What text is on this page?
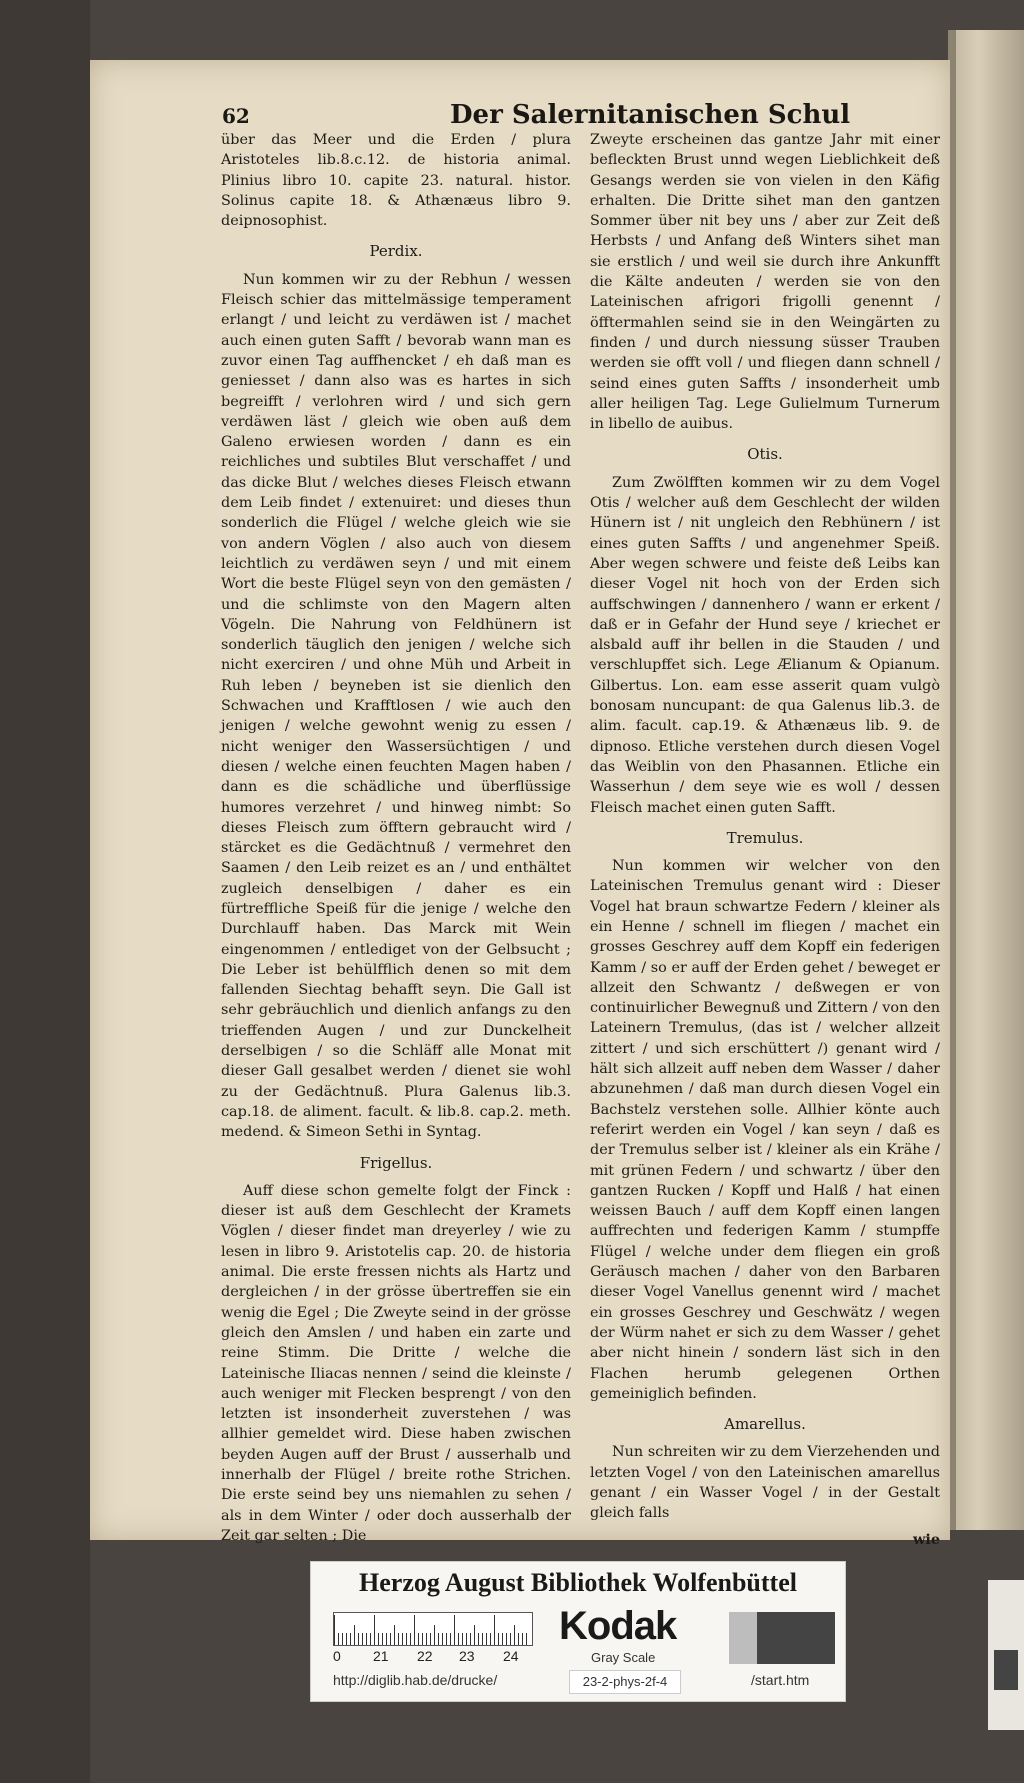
62	Der Salernitanischen Schul

über das Meer und die Erden / plura Aristoteles lib.8.c.12. de historia animal. Plinius libro 10. capite 23. natural. histor. Solinus capite 18. & Athænæus libro 9. deipnosophist.

Perdix.

Nun kommen wir zu der Rebhun / wessen Fleisch schier das mittelmässige temperament erlangt / und leicht zu verdäwen ist / machet auch einen guten Safft / bevorab wann man es zuvor einen Tag auffhencket / eh daß man es geniesset / dann also was es hartes in sich begreifft / verlohren wird / und sich gern verdäwen läst / gleich wie oben auß dem Galeno erwiesen worden / dann es ein reichliches und subtiles Blut verschaffet / und das dicke Blut / welches dieses Fleisch etwann dem Leib findet / extenuiret: und dieses thun sonderlich die Flügel / welche gleich wie sie von andern Vöglen / also auch von diesem leichtlich zu verdäwen seyn / und mit einem Wort die beste Flügel seyn von den gemästen / und die schlimste von den Magern alten Vögeln. Die Nahrung von Feldhünern ist sonderlich täuglich den jenigen / welche sich nicht exerciren / und ohne Müh und Arbeit in Ruh leben / beyneben ist sie dienlich den Schwachen und Krafftlosen / wie auch den jenigen / welche gewohnt wenig zu essen / nicht weniger den Wassersüchtigen / und diesen / welche einen feuchten Magen haben / dann es die schädliche und überflüssige humores verzehret / und hinweg nimbt: So dieses Fleisch zum öfftern gebraucht wird / stärcket es die Gedächtnuß / vermehret den Saamen / den Leib reizet es an / und enthältet zugleich denselbigen / daher es ein fürtreffliche Speiß für die jenige / welche den Durchlauff haben. Das Marck mit Wein eingenommen / entlediget von der Gelbsucht ; Die Leber ist behülfflich denen so mit dem fallenden Siechtag behafft seyn. Die Gall ist sehr gebräuchlich und dienlich anfangs zu den trieffenden Augen / und zur Dunckelheit derselbigen / so die Schläff alle Monat mit dieser Gall gesalbet werden / dienet sie wohl zu der Gedächtnuß. Plura Galenus lib.3. cap.18. de aliment. facult. & lib.8. cap.2. meth. medend. & Simeon Sethi in Syntag.

Frigellus.

Auff diese schon gemelte folgt der Finck : dieser ist auß dem Geschlecht der Kramets Vöglen / dieser findet man dreyerley / wie zu lesen in libro 9. Aristotelis cap. 20. de historia animal. Die erste fressen nichts als Hartz und dergleichen / in der grösse übertreffen sie ein wenig die Egel ; Die Zweyte seind in der grösse gleich den Amslen / und haben ein zarte und reine Stimm. Die Dritte / welche die Lateinische Iliacas nennen / seind die kleinste / auch weniger mit Flecken besprengt / von den letzten ist insonderheit zuverstehen / was allhier gemeldet wird. Diese haben zwischen beyden Augen auff der Brust / ausserhalb und innerhalb der Flügel / breite rothe Strichen. Die erste seind bey uns niemahlen zu sehen / als in dem Winter / oder doch ausserhalb der Zeit gar selten ; Die

Zweyte erscheinen das gantze Jahr mit einer befleckten Brust unnd wegen Lieblichkeit deß Gesangs werden sie von vielen in den Käfig erhalten. Die Dritte sihet man den gantzen Sommer über nit bey uns / aber zur Zeit deß Herbsts / und Anfang deß Winters sihet man sie erstlich / und weil sie durch ihre Ankunfft die Kälte andeuten / werden sie von den Lateinischen afrigori frigolli genennt / öfftermahlen seind sie in den Weingärten zu finden / und durch niessung süsser Trauben werden sie offt voll / und fliegen dann schnell / seind eines guten Saffts / insonderheit umb aller heiligen Tag. Lege Gulielmum Turnerum in libello de auibus.

Otis.

Zum Zwölfften kommen wir zu dem Vogel Otis / welcher auß dem Geschlecht der wilden Hünern ist / nit ungleich den Rebhünern / ist eines guten Saffts / und angenehmer Speiß. Aber wegen schwere und feiste deß Leibs kan dieser Vogel nit hoch von der Erden sich auffschwingen / dannenhero / wann er erkent / daß er in Gefahr der Hund seye / kriechet er alsbald auff ihr bellen in die Stauden / und verschlupffet sich. Lege Ælianum & Opianum. Gilbertus. Lon. eam esse asserit quam vulgò bonosam nuncupant: de qua Galenus lib.3. de alim. facult. cap.19. & Athænæus lib. 9. de dipnoso. Etliche verstehen durch diesen Vogel das Weiblin von den Phasannen. Etliche ein Wasserhun / dem seye wie es woll / dessen Fleisch machet einen guten Safft.

Tremulus.

Nun kommen wir welcher von den Lateinischen Tremulus genant wird : Dieser Vogel hat braun schwartze Federn / kleiner als ein Henne / schnell im fliegen / machet ein grosses Geschrey auff dem Kopff ein federigen Kamm / so er auff der Erden gehet / beweget er allzeit den Schwantz / deßwegen er von continuirlicher Bewegnuß und Zittern / von den Lateinern Tremulus, (das ist / welcher allzeit zittert / und sich erschüttert /) genant wird / hält sich allzeit auff neben dem Wasser / daher abzunehmen / daß man durch diesen Vogel ein Bachstelz verstehen solle. Allhier könte auch referirt werden ein Vogel / kan seyn / daß es der Tremulus selber ist / kleiner als ein Krähe / mit grünen Federn / und schwartz / über den gantzen Rucken / Kopff und Halß / hat einen weissen Bauch / auff dem Kopff einen langen auffrechten und federigen Kamm / stumpffe Flügel / welche under dem fliegen ein groß Geräusch machen / daher von den Barbaren dieser Vogel Vanellus genennt wird / machet ein grosses Geschrey und Geschwätz / wegen der Würm nahet er sich zu dem Wasser / gehet aber nicht hinein / sondern läst sich in den Flachen herumb gelegenen Orthen gemeiniglich befinden.

Amarellus.

Nun schreiten wir zu dem Vierzehenden und letzten Vogel / von den Lateinischen amarellus genant / ein Wasser Vogel / in der Gestalt gleich falls

wie
Herzog August Bibliothek Wolfenbüttel
0 21 22 23 24
Kodak
Gray Scale
http://diglib.hab.de/drucke/	23-2-phys-2f-4	/start.htm
